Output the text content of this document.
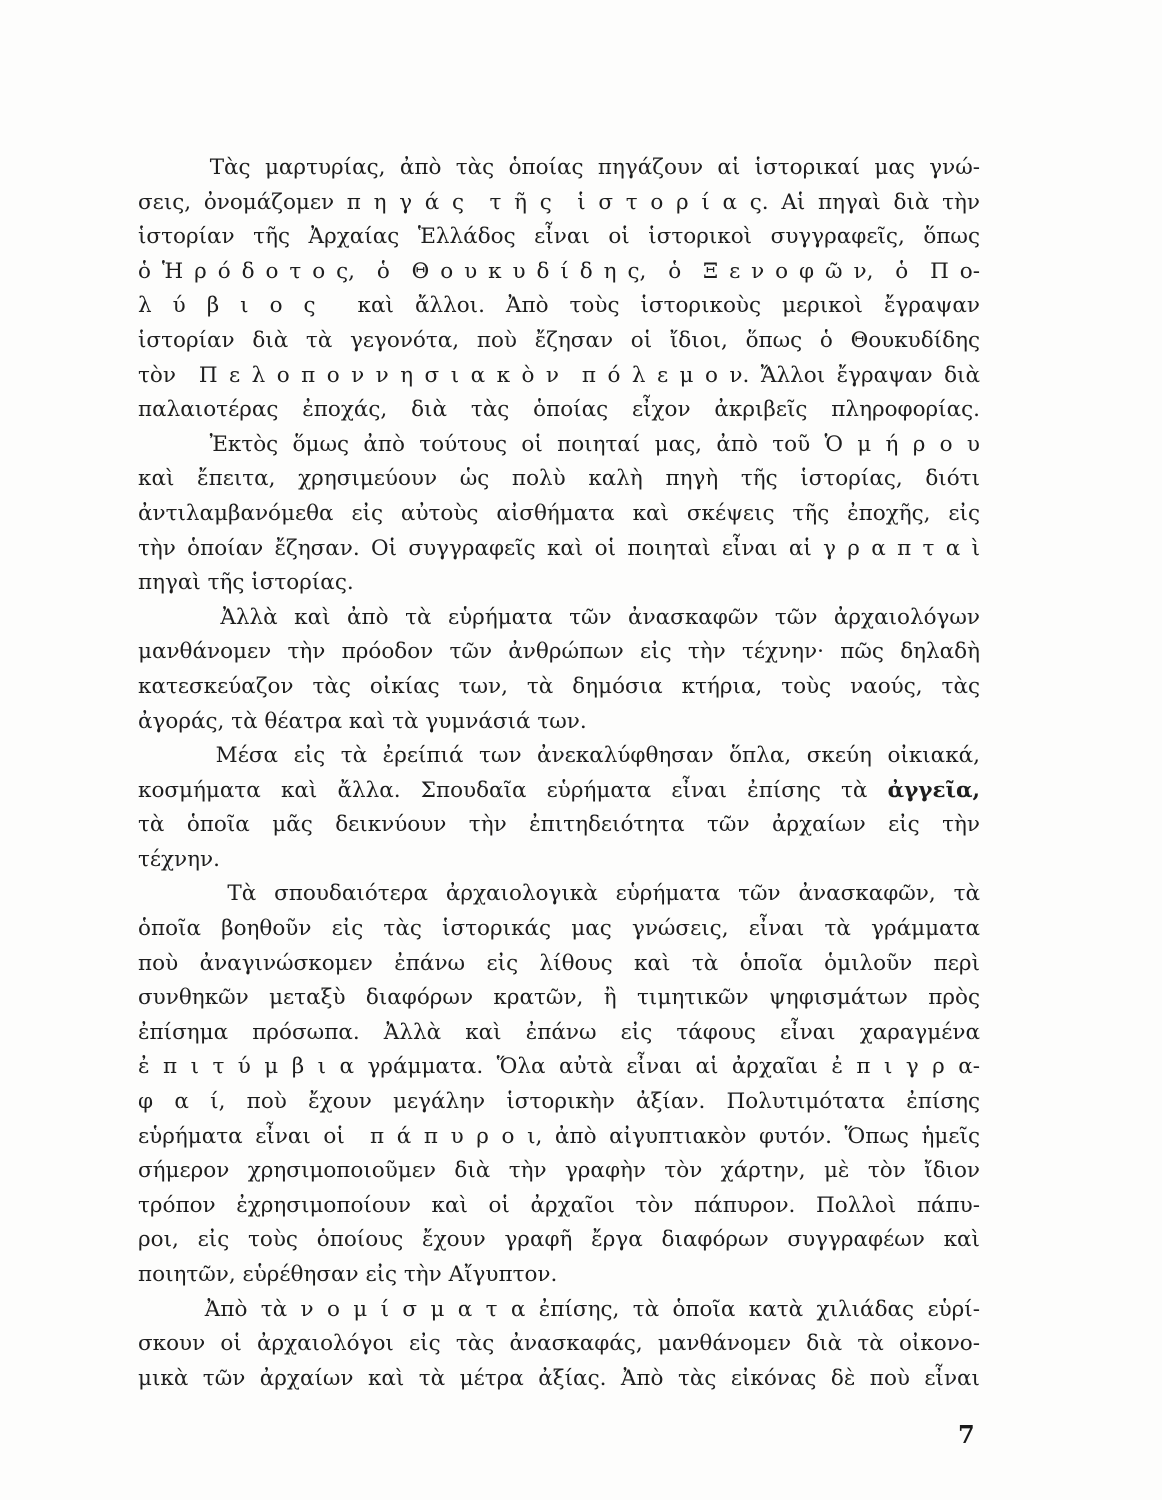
Τὰς μαρτυρίας, ἀπὸ τὰς ὁποίας πηγάζουν αἱ ἱστορικαί μας γνώ-
σεις, ὀνομάζομεν π η γ ά ς  τ ῆ ς  ἱ σ τ ο ρ ί α ς. Αἱ πηγαὶ διὰ τὴν
ἱστορίαν τῆς Ἀρχαίας Ἑλλάδος εἶναι οἱ ἱστορικοὶ συγγραφεῖς, ὅπως
ὁ Ἡ ρ ό δ ο τ ο ς,  ὁ  Θ ο υ κ υ δ ί δ η ς,  ὁ  Ξ ε ν ο φ ῶ ν,  ὁ  Π ο-
λ ύ β ι ο ς  καὶ ἄλλοι. Ἀπὸ τοὺς ἱστορικοὺς μερικοὶ ἔγραψαν
ἱστορίαν διὰ τὰ γεγονότα, ποὺ ἔζησαν οἱ ἴδιοι, ὅπως ὁ Θουκυδίδης
τὸν  Π ε λ ο π ο ν ν η σ ι α κ ὸ ν  π ό λ ε μ ο ν. Ἄλλοι ἔγραψαν διὰ
παλαιοτέρας ἐποχάς, διὰ τὰς ὁποίας εἶχον ἀκριβεῖς πληροφορίας.
Ἐκτὸς ὅμως ἀπὸ τούτους οἱ ποιηταί μας, ἀπὸ τοῦ Ὁ μ ή ρ ο υ
καὶ ἔπειτα, χρησιμεύουν ὡς πολὺ καλὴ πηγὴ τῆς ἱστορίας, διότι
ἀντιλαμβανόμεθα εἰς αὐτοὺς αἰσθήματα καὶ σκέψεις τῆς ἐποχῆς, εἰς
τὴν ὁποίαν ἔζησαν. Οἱ συγγραφεῖς καὶ οἱ ποιηταὶ εἶναι αἱ γ ρ α π τ α ὶ
πηγαὶ τῆς ἱστορίας.
Ἀλλὰ καὶ ἀπὸ τὰ εὑρήματα τῶν ἀνασκαφῶν τῶν ἀρχαιολόγων
μανθάνομεν τὴν πρόοδον τῶν ἀνθρώπων εἰς τὴν τέχνην· πῶς δηλαδὴ
κατεσκεύαζον τὰς οἰκίας των, τὰ δημόσια κτήρια, τοὺς ναούς, τὰς
ἀγοράς, τὰ θέατρα καὶ τὰ γυμνάσιά των.
Μέσα εἰς τὰ ἐρείπιά των ἀνεκαλύφθησαν ὅπλα, σκεύη οἰκιακά,
κοσμήματα καὶ ἄλλα. Σπουδαῖα εὑρήματα εἶναι ἐπίσης τὰ ἀγγεῖα,
τὰ ὁποῖα μᾶς δεικνύουν τὴν ἐπιτηδειότητα τῶν ἀρχαίων εἰς τὴν
τέχνην.
Τὰ σπουδαιότερα ἀρχαιολογικὰ εὑρήματα τῶν ἀνασκαφῶν, τὰ
ὁποῖα βοηθοῦν εἰς τὰς ἱστορικάς μας γνώσεις, εἶναι τὰ γράμματα
ποὺ ἀναγινώσκομεν ἐπάνω εἰς λίθους καὶ τὰ ὁποῖα ὁμιλοῦν περὶ
συνθηκῶν μεταξὺ διαφόρων κρατῶν, ἢ τιμητικῶν ψηφισμάτων πρὸς
ἐπίσημα πρόσωπα. Ἀλλὰ καὶ ἐπάνω εἰς τάφους εἶναι χαραγμένα
ἐ π ι τ ύ μ β ι α γράμματα. Ὅλα αὐτὰ εἶναι αἱ ἀρχαῖαι ἐ π ι γ ρ α-
φ α ί, ποὺ ἔχουν μεγάλην ἱστορικὴν ἀξίαν. Πολυτιμότατα ἐπίσης
εὑρήματα εἶναι οἱ  π ά π υ ρ ο ι, ἀπὸ αἰγυπτιακὸν φυτόν. Ὅπως ἡμεῖς
σήμερον χρησιμοποιοῦμεν διὰ τὴν γραφὴν τὸν χάρτην, μὲ τὸν ἴδιον
τρόπον ἐχρησιμοποίουν καὶ οἱ ἀρχαῖοι τὸν πάπυρον. Πολλοὶ πάπυ-
ροι, εἰς τοὺς ὁποίους ἔχουν γραφῆ ἔργα διαφόρων συγγραφέων καὶ
ποιητῶν, εὑρέθησαν εἰς τὴν Αἴγυπτον.
Ἀπὸ τὰ ν ο μ ί σ μ α τ α ἐπίσης, τὰ ὁποῖα κατὰ χιλιάδας εὑρί-
σκουν οἱ ἀρχαιολόγοι εἰς τὰς ἀνασκαφάς, μανθάνομεν διὰ τὰ οἰκονο-
μικὰ τῶν ἀρχαίων καὶ τὰ μέτρα ἀξίας. Ἀπὸ τὰς εἰκόνας δὲ ποὺ εἶναι
7
